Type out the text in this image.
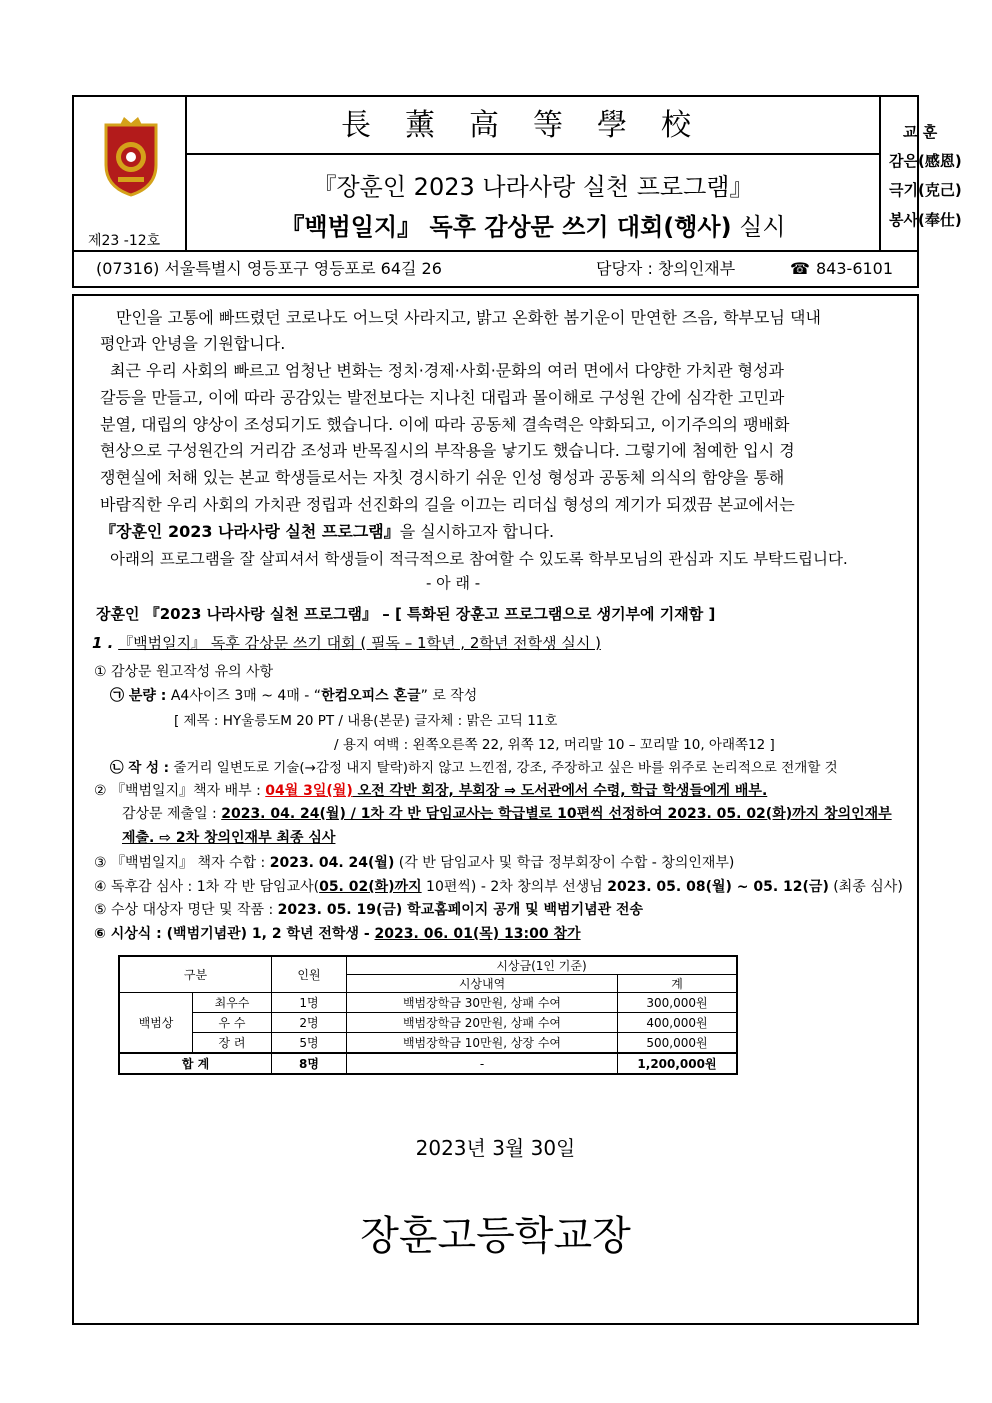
제23 -12호
長薰高等學校
『장훈인 2023 나라사랑 실천 프로그램』
『백범일지』 독후 감상문 쓰기 대회(행사) 실시
교 훈
감은(感恩)
극기(克己)
봉사(奉仕)
(07316) 서울특별시 영등포구 영등포로 64길 26	담당자 : 창의인재부	☎ 843-6101
만인을 고통에 빠뜨렸던 코로나도 어느덧 사라지고, 밝고 온화한 봄기운이 만연한 즈음, 학부모님 댁내
평안과 안녕을 기원합니다.
최근 우리 사회의 빠르고 엄청난 변화는 정치·경제·사회·문화의 여러 면에서 다양한 가치관 형성과
갈등을 만들고, 이에 따라 공감있는 발전보다는 지나친 대립과 몰이해로 구성원 간에 심각한 고민과
분열, 대립의 양상이 조성되기도 했습니다. 이에 따라 공동체 결속력은 약화되고, 이기주의의 팽배화
현상으로 구성원간의 거리감 조성과 반목질시의 부작용을 낳기도 했습니다. 그렇기에 첨예한 입시 경
쟁현실에 처해 있는 본교 학생들로서는 자칫 경시하기 쉬운 인성 형성과 공동체 의식의 함양을 통해
바람직한 우리 사회의 가치관 정립과 선진화의 길을 이끄는 리더십 형성의 계기가 되겠끔 본교에서는
『장훈인 2023 나라사랑 실천 프로그램』을 실시하고자 합니다.
아래의 프로그램을 잘 살피셔서 학생들이 적극적으로 참여할 수 있도록 학부모님의 관심과 지도 부탁드립니다.
- 아 래 -
장훈인 『2023 나라사랑 실천 프로그램』 – [ 특화된 장훈고 프로그램으로 생기부에 기재함 ]
1 . 『백범일지』 독후 감상문 쓰기 대회 ( 필독 – 1학년 , 2학년 전학생 실시 )
① 감상문 원고작성 유의 사항
㉠ 분량 : A4사이즈 3매 ~ 4매 - “한컴오피스 혼글” 로 작성
[ 제목 : HY울릉도M 20 PT / 내용(본문) 글자체 : 맑은 고딕 11호
/ 용지 여백 : 왼쪽오른쪽 22, 위쪽 12, 머리말 10 – 꼬리말 10, 아래쪽12 ]
㉡ 작 성 : 줄거리 일변도로 기술(→감정 내지 탈락)하지 않고 느낀점, 강조, 주장하고 싶은 바를 위주로 논리적으로 전개할 것
② 『백범일지』책자 배부 : 04월 3일(월) 오전 각반 회장, 부회장 ⇒ 도서관에서 수령, 학급 학생들에게 배부.
감상문 제출일 : 2023. 04. 24(월) / 1차 각 반 담임교사는 학급별로 10편씩 선정하여 2023. 05. 02(화)까지 창의인재부
제출. ⇨ 2차 창의인재부 최종 심사
③ 『백범일지』 책자 수합 : 2023. 04. 24(월) (각 반 담임교사 및 학급 정부회장이 수합 - 창의인재부)
④ 독후감 심사 : 1차 각 반 담임교사(05. 02(화)까지 10편씩) - 2차 창의부 선생님 2023. 05. 08(월) ~ 05. 12(금) (최종 심사)
⑤ 수상 대상자 명단 및 작품 : 2023. 05. 19(금) 학교홈페이지 공개 및 백범기념관 전송
⑥ 시상식 : (백범기념관) 1, 2 학년 전학생 - 2023. 06. 01(목) 13:00 참가
구분		인원	시상금(1인 기준)	
			시상내역	계
백범상	최우수	1명	백범장학금 30만원, 상패 수여	300,000원
	우 수	2명	백범장학금 20만원, 상패 수여	400,000원
	장 려	5명	백범장학금 10만원, 상장 수여	500,000원
합 계		8명	-	1,200,000원
2023년 3월 30일
장훈고등학교장
